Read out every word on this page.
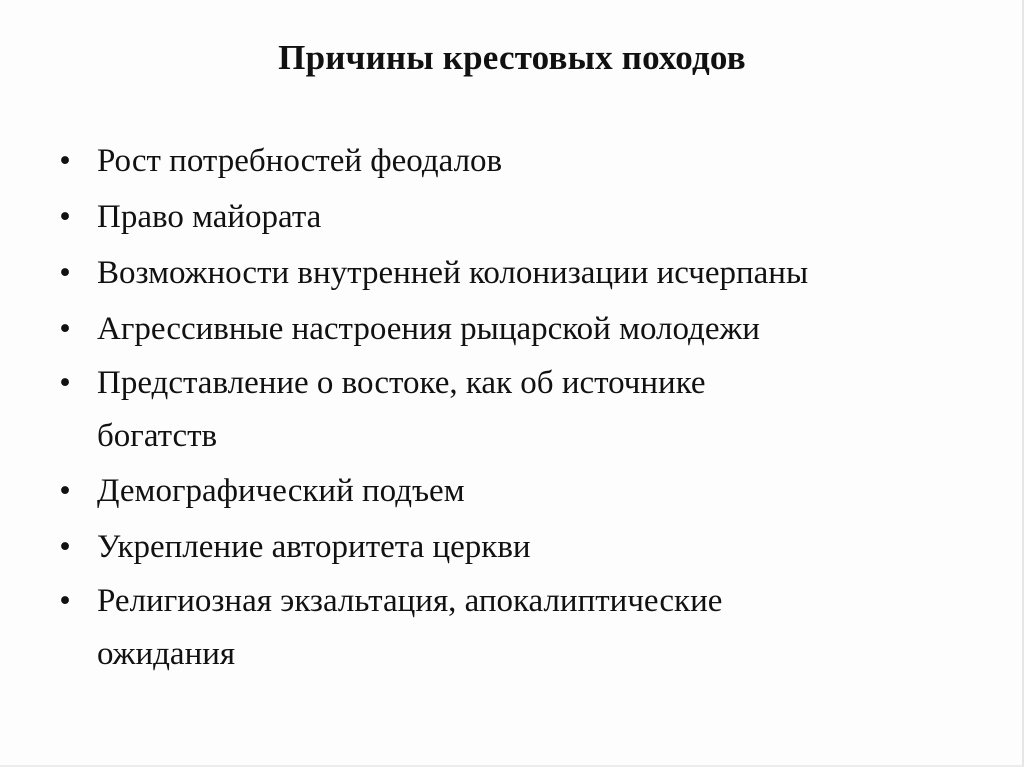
Причины крестовых походов
• Рост потребностей феодалов
• Право майората
• Возможности внутренней колонизации исчерпаны
• Агрессивные настроения рыцарской молодежи
• Представление о востоке, как об источнике
богатств
• Демографический подъем
• Укрепление авторитета церкви
• Религиозная экзальтация, апокалиптические
ожидания
